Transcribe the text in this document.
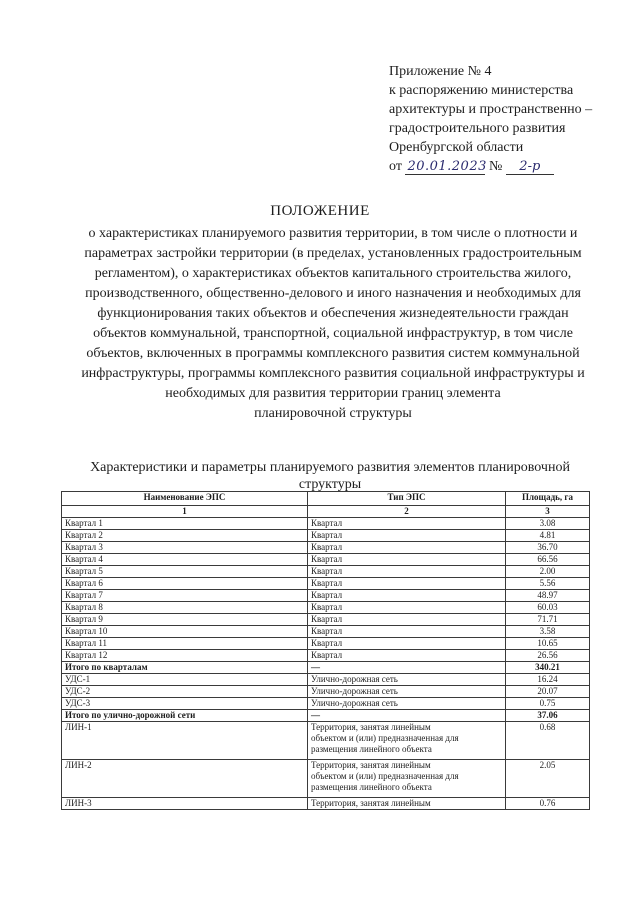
Приложение № 4
к распоряжению министерства
архитектуры и пространственно –
градостроительного развития
Оренбургской области
от 20.01.2023 № 2-р
ПОЛОЖЕНИЕ
о характеристиках планируемого развития территории, в том числе о плотности и
параметрах застройки территории (в пределах, установленных градостроительным
регламентом), о характеристиках объектов капитального строительства жилого,
производственного, общественно-делового и иного назначения и необходимых для
функционирования таких объектов и обеспечения жизнедеятельности граждан
объектов коммунальной, транспортной, социальной инфраструктур, в том числе
объектов, включенных в программы комплексного развития систем коммунальной
инфраструктуры, программы комплексного развития социальной инфраструктуры и
необходимых для развития территории границ элемента
планировочной структуры
Характеристики и параметры планируемого развития элементов планировочной структуры
Наименование ЭПС	Тип ЭПС	Площадь, га
1	2	3
Квартал 1	Квартал	3.08
Квартал 2	Квартал	4.81
Квартал 3	Квартал	36.70
Квартал 4	Квартал	66.56
Квартал 5	Квартал	2.00
Квартал 6	Квартал	5.56
Квартал 7	Квартал	48.97
Квартал 8	Квартал	60.03
Квартал 9	Квартал	71.71
Квартал 10	Квартал	3.58
Квартал 11	Квартал	10.65
Квартал 12	Квартал	26.56
Итого по кварталам	—	340.21
УДС-1	Улично-дорожная сеть	16.24
УДС-2	Улично-дорожная сеть	20.07
УДС-3	Улично-дорожная сеть	0.75
Итого по улично-дорожной сети	—	37.06
ЛИН-1	Территория, занятая линейным
объектом и (или) предназначенная для
размещения линейного объекта	0.68
ЛИН-2	Территория, занятая линейным
объектом и (или) предназначенная для
размещения линейного объекта	2.05
ЛИН-3	Территория, занятая линейным	0.76
